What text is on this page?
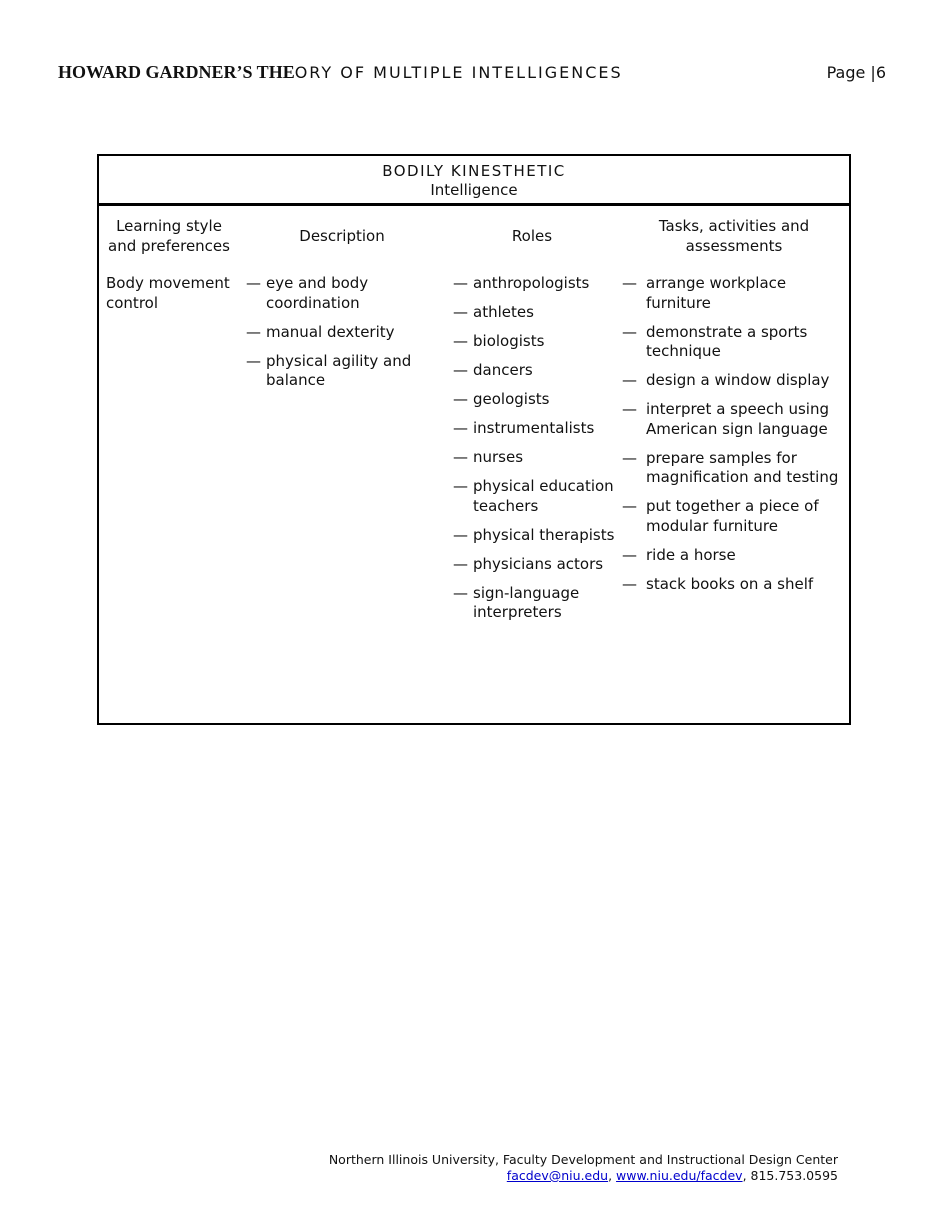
HOWARD GARDNER’S THEORY OF MULTIPLE INTELLIGENCES	Page |6
BODILY KINESTHETIC
Intelligence
Learning style
and preferences
Description	Roles
Tasks, activities and
assessments
Body movement
control
— eye and body
coordination
— manual dexterity
— physical agility and
balance
— anthropologists
— athletes
— biologists
— dancers
— geologists
— instrumentalists
— nurses
— physical education
teachers
— physical therapists
— physicians actors
— sign-language
interpreters
— arrange workplace furniture
— demonstrate a sports
technique
— design a window display
— interpret a speech using
American sign language
— prepare samples for
magnification and testing
— put together a piece of
modular furniture
— ride a horse
— stack books on a shelf
Northern Illinois University, Faculty Development and Instructional Design Center
facdev@niu.edu, www.niu.edu/facdev, 815.753.0595
